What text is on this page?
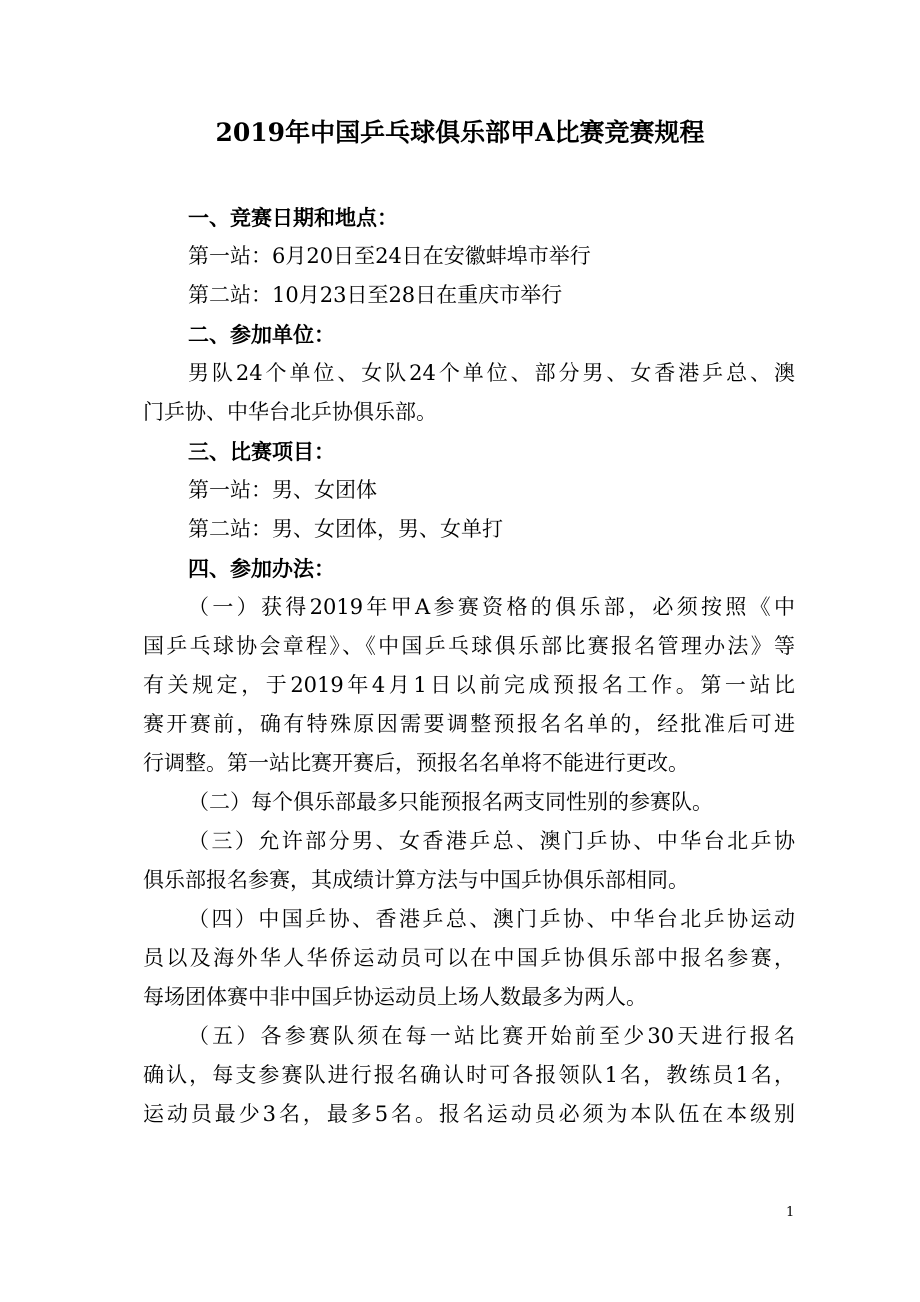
2019年中国乒乓球俱乐部甲A比赛竞赛规程
一、竞赛日期和地点：
第一站：6月20日至24日在安徽蚌埠市举行
第二站：10月23日至28日在重庆市举行
二、参加单位：
男队24个单位、女队24个单位、部分男、女香港乒总、澳
门乒协、中华台北乒协俱乐部。
三、比赛项目：
第一站：男、女团体
第二站：男、女团体，男、女单打
四、参加办法：
（一）获得2019年甲A参赛资格的俱乐部，必须按照《中
国乒乓球协会章程》、《中国乒乓球俱乐部比赛报名管理办法》等
有关规定，于2019年4月1日以前完成预报名工作。第一站比
赛开赛前，确有特殊原因需要调整预报名名单的，经批准后可进
行调整。第一站比赛开赛后，预报名名单将不能进行更改。
（二）每个俱乐部最多只能预报名两支同性别的参赛队。
（三）允许部分男、女香港乒总、澳门乒协、中华台北乒协
俱乐部报名参赛，其成绩计算方法与中国乒协俱乐部相同。
（四）中国乒协、香港乒总、澳门乒协、中华台北乒协运动
员以及海外华人华侨运动员可以在中国乒协俱乐部中报名参赛，
每场团体赛中非中国乒协运动员上场人数最多为两人。
（五）各参赛队须在每一站比赛开始前至少30天进行报名
确认，每支参赛队进行报名确认时可各报领队1名，教练员1名，
运动员最少3名，最多5名。报名运动员必须为本队伍在本级别
1
